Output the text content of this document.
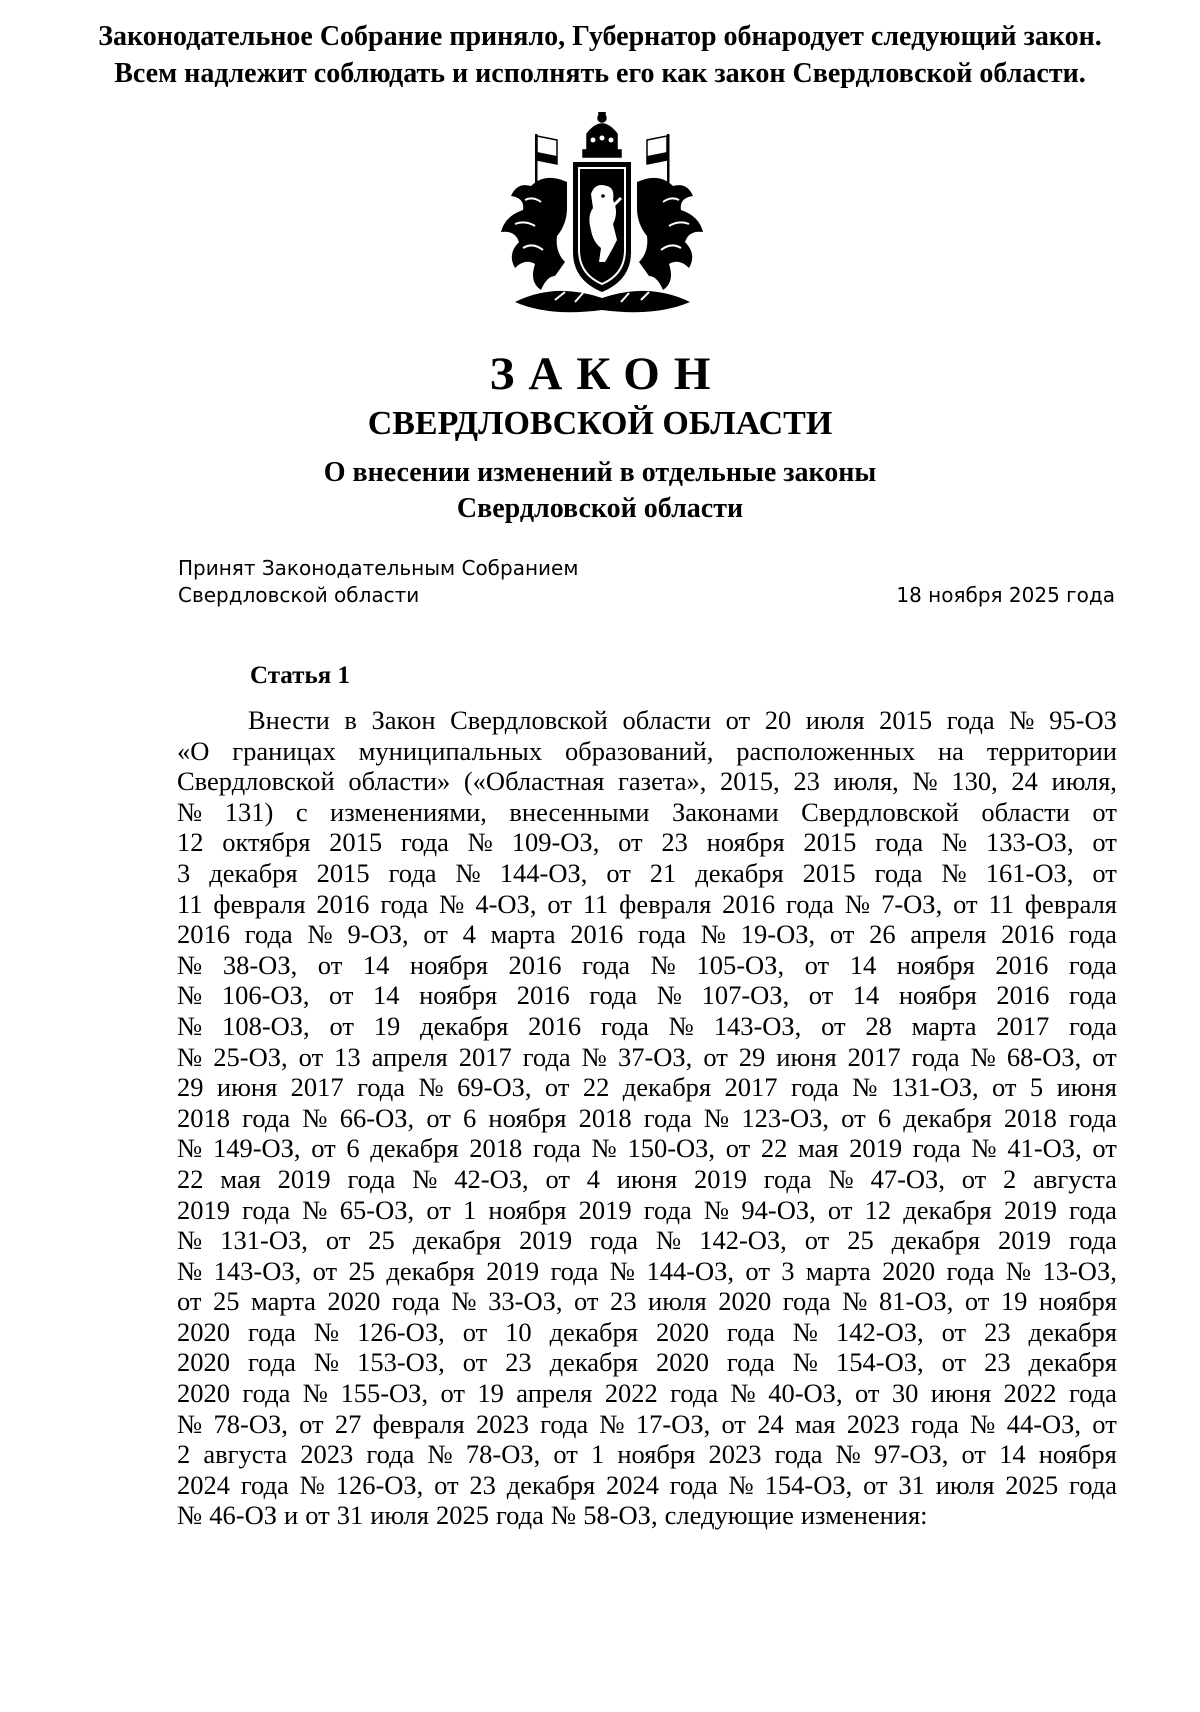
Законодательное Собрание приняло, Губернатор обнародует следующий закон.
Всем надлежит соблюдать и исполнять его как закон Свердловской области.
ЗАКОН
СВЕРДЛОВСКОЙ ОБЛАСТИ
О внесении изменений в отдельные законы
Свердловской области
Принят Законодательным Собранием
Свердловской области	18 ноября 2025 года
Статья 1
Внести в Закон Свердловской области от 20 июля 2015 года № 95-ОЗ
«О границах муниципальных образований, расположенных на территории
Свердловской области» («Областная газета», 2015, 23 июля, № 130, 24 июля,
№ 131) с изменениями, внесенными Законами Свердловской области от
12 октября 2015 года № 109-ОЗ, от 23 ноября 2015 года № 133-ОЗ, от
3 декабря 2015 года № 144-ОЗ, от 21 декабря 2015 года № 161-ОЗ, от
11 февраля 2016 года № 4-ОЗ, от 11 февраля 2016 года № 7-ОЗ, от 11 февраля
2016 года № 9-ОЗ, от 4 марта 2016 года № 19-ОЗ, от 26 апреля 2016 года
№ 38-ОЗ, от 14 ноября 2016 года № 105-ОЗ, от 14 ноября 2016 года
№ 106-ОЗ, от 14 ноября 2016 года № 107-ОЗ, от 14 ноября 2016 года
№ 108-ОЗ, от 19 декабря 2016 года № 143-ОЗ, от 28 марта 2017 года
№ 25-ОЗ, от 13 апреля 2017 года № 37-ОЗ, от 29 июня 2017 года № 68-ОЗ, от
29 июня 2017 года № 69-ОЗ, от 22 декабря 2017 года № 131-ОЗ, от 5 июня
2018 года № 66-ОЗ, от 6 ноября 2018 года № 123-ОЗ, от 6 декабря 2018 года
№ 149-ОЗ, от 6 декабря 2018 года № 150-ОЗ, от 22 мая 2019 года № 41-ОЗ, от
22 мая 2019 года № 42-ОЗ, от 4 июня 2019 года № 47-ОЗ, от 2 августа
2019 года № 65-ОЗ, от 1 ноября 2019 года № 94-ОЗ, от 12 декабря 2019 года
№ 131-ОЗ, от 25 декабря 2019 года № 142-ОЗ, от 25 декабря 2019 года
№ 143-ОЗ, от 25 декабря 2019 года № 144-ОЗ, от 3 марта 2020 года № 13-ОЗ,
от 25 марта 2020 года № 33-ОЗ, от 23 июля 2020 года № 81-ОЗ, от 19 ноября
2020 года № 126-ОЗ, от 10 декабря 2020 года № 142-ОЗ, от 23 декабря
2020 года № 153-ОЗ, от 23 декабря 2020 года № 154-ОЗ, от 23 декабря
2020 года № 155-ОЗ, от 19 апреля 2022 года № 40-ОЗ, от 30 июня 2022 года
№ 78-ОЗ, от 27 февраля 2023 года № 17-ОЗ, от 24 мая 2023 года № 44-ОЗ, от
2 августа 2023 года № 78-ОЗ, от 1 ноября 2023 года № 97-ОЗ, от 14 ноября
2024 года № 126-ОЗ, от 23 декабря 2024 года № 154-ОЗ, от 31 июля 2025 года
№ 46-ОЗ и от 31 июля 2025 года № 58-ОЗ, следующие изменения:
